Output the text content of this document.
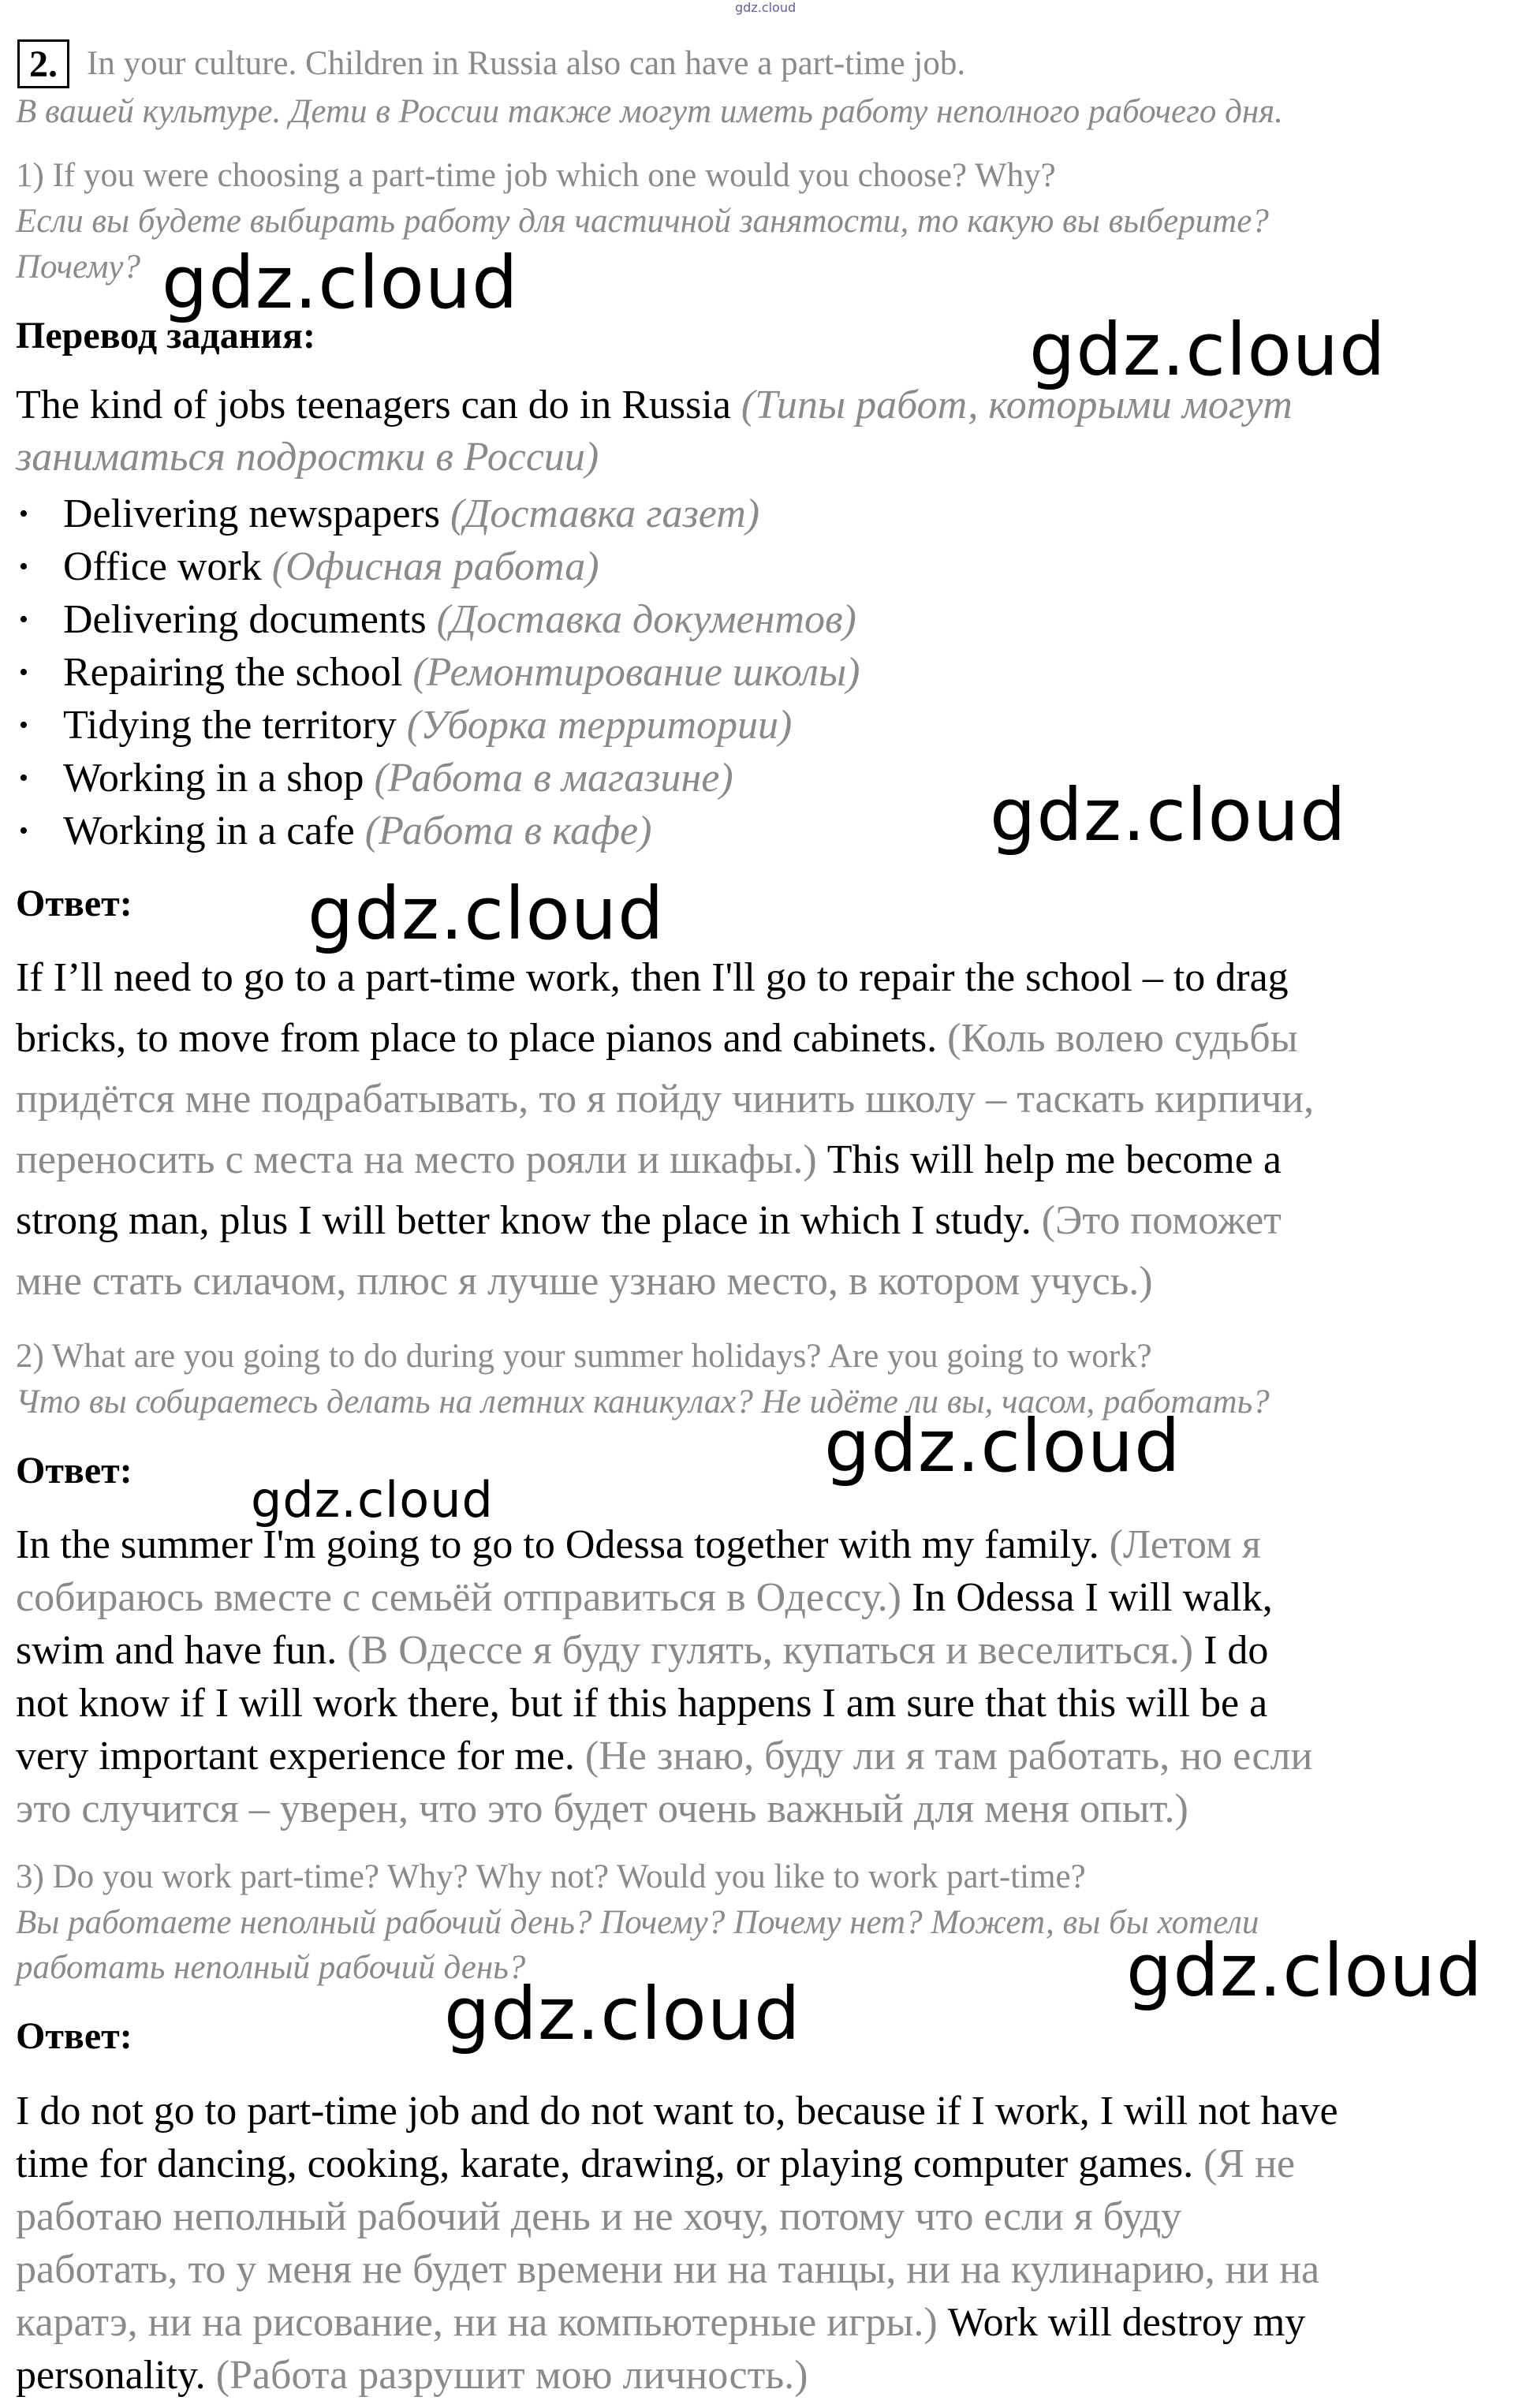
gdz.cloud
2. In your culture. Children in Russia also can have a part-time job.
В вашей культуре. Дети в России также могут иметь работу неполного рабочего дня.
1) If you were choosing a part-time job which one would you choose? Why?
Если вы будете выбирать работу для частичной занятости, то какую вы выберите?
Почему?
Перевод задания:
The kind of jobs teenagers can do in Russia (Типы работ, которыми могут
заниматься подростки в России)
• Delivering newspapers (Доставка газет)
• Office work (Офисная работа)
• Delivering documents (Доставка документов)
• Repairing the school (Ремонтирование школы)
• Tidying the territory (Уборка территории)
• Working in a shop (Работа в магазине)
• Working in a cafe (Работа в кафе)
Ответ:
If I’ll need to go to a part-time work, then I'll go to repair the school – to drag
bricks, to move from place to place pianos and cabinets. (Коль волею судьбы
придётся мне подрабатывать, то я пойду чинить школу – таскать кирпичи,
переносить с места на место рояли и шкафы.) This will help me become a
strong man, plus I will better know the place in which I study. (Это поможет
мне стать силачом, плюс я лучше узнаю место, в котором учусь.)
2) What are you going to do during your summer holidays? Are you going to work?
Что вы собираетесь делать на летних каникулах? Не идёте ли вы, часом, работать?
Ответ:
In the summer I'm going to go to Odessa together with my family. (Летом я
собираюсь вместе с семьёй отправиться в Одессу.) In Odessa I will walk,
swim and have fun. (В Одессе я буду гулять, купаться и веселиться.) I do
not know if I will work there, but if this happens I am sure that this will be a
very important experience for me. (Не знаю, буду ли я там работать, но если
это случится – уверен, что это будет очень важный для меня опыт.)
3) Do you work part-time? Why? Why not? Would you like to work part-time?
Вы работаете неполный рабочий день? Почему? Почему нет? Может, вы бы хотели
работать неполный рабочий день?
Ответ:
I do not go to part-time job and do not want to, because if I work, I will not have
time for dancing, cooking, karate, drawing, or playing computer games. (Я не
работаю неполный рабочий день и не хочу, потому что если я буду
работать, то у меня не будет времени ни на танцы, ни на кулинарию, ни на
каратэ, ни на рисование, ни на компьютерные игры.) Work will destroy my
personality. (Работа разрушит мою личность.)
gdz.cloud
gdz.cloud
gdz.cloud
gdz.cloud
gdz.cloud
gdz.cloud
gdz.cloud
gdz.cloud
